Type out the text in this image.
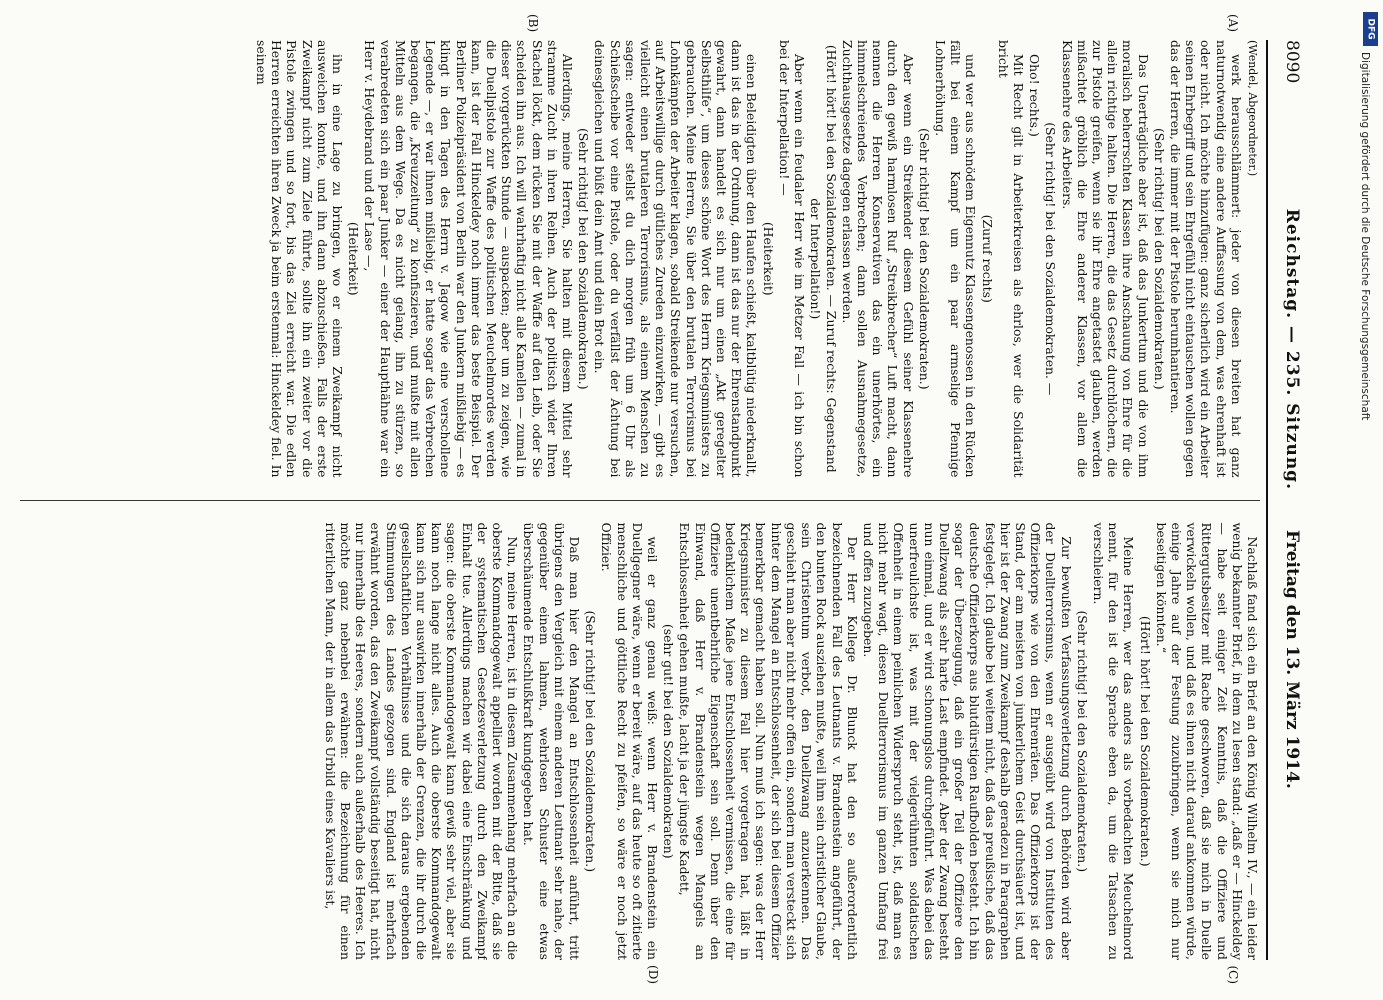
8090
Reichstag. — 235. Sitzung.
Freitag den 13. März 1914.
(A)
(B)

(Wendel, Abgeordneter.)

werk herausschlämmert: jeder von diesen breiten hat ganz naturnotwendig eine andere Auffassung von dem, was ehrenhaft ist oder nicht. Ich möchte hinzufügen: ganz sicherlich wird ein Arbeiter seinen Ehrbegriff und sein Ehrgefühl nicht eintauschen wollen gegen das der Herren, die immer mit der Pistole herumhantieren.

(Sehr richtig! bei den Sozialdemokraten.)

Das Unerträgliche aber ist, daß das Junkertum und die von ihm moralisch beherrschten Klassen ihre Anschauung von Ehre für die allein richtige halten. Die Herren, die das Gesetz durchlöchern, die zur Pistole greifen, wenn sie ihr Ehre angetastet glauben, werden mißachtet gröblich die Ehre anderer Klassen, vor allem die Klassenehre des Arbeiters.

(Sehr richtig! bei den Sozialdemokraten. —

Oho! rechts.)

Mit Recht gilt in Arbeiterkreisen als ehrlos, wer die Solidarität bricht

(Zuruf rechts)

und wer aus schnödem Eigennutz Klassengenossen in den Rücken fällt bei einem Kampf um ein paar armselige Pfennige Lohnerhöhung.

(Sehr richtig! bei den Sozialdemokraten.)

Aber wenn ein Streikender diesem Gefühl seiner Klassenehre durch den gewiß harmlosen Ruf „Streikbrecher“ Luft macht, dann nennen die Herren Konservativen das ein unerhörtes, ein himmelschreiendes Verbrechen; dann sollen Ausnahmegesetze, Zuchthausgesetze dagegen erlassen werden.

(Hört! hört! bei den Sozialdemokraten. — Zuruf rechts: Gegenstand der Interpellation!)

Aber wenn ein feudaler Herr wie im Metzer Fall — ich bin schon bei der Interpellation! —

(Heiterkeit)

einen Beleidigten über den Haufen schießt, kaltblütig niederknallt, dann ist das in der Ordnung, dann ist das nur der Ehrenstandpunkt gewahrt, dann handelt es sich nur um einen „Akt geregelter Selbsthilfe“, um dieses schöne Wort des Herrn Kriegsministers zu gebrauchen. Meine Herren, Sie über den brutalen Terrorismus bei Lohnkämpfen der Arbeiter klagen, sobald Streikende nur versuchen, auf Arbeitswillige durch gütliches Zureden einzuwirken, — gibt es vielleicht einen brutaleren Terrorismus, als einem Menschen zu sagen: entweder stellst du dich morgen früh um 6 Uhr als Schießscheibe vor eine Pistole, oder du verfällst der Ächtung bei deinesgleichen und büßt dein Amt und dein Brot ein.

(Sehr richtig! bei den Sozialdemokraten.)

Allerdings, meine Herren, Sie halten mit diesem Mittel sehr stramme Zucht in ihren Reihen. Auch der politisch wider Ihren Stachel löckt, dem rücken Sie mit der Waffe auf den Leib, oder Sie scheiden ihn aus. Ich will wahrhaftig nicht alle Kamellen — zumal in dieser vorgerückten Stunde — auspacken; aber um zu zeigen, wie die Duellpistole zur Waffe des politischen Meuchelmordes werden kann, ist der Fall Hinckeldey noch immer das beste Beispiel. Der Berliner Polizeipräsident von Berlin war den Junkern mißliebig — es klingt in den Tagen des Herrn v. Jagow wie eine verschollene Legende —, er war ihnen mißliebig, er hatte sogar das Verbrechen begangen, die „Kreuzzeitung“ zu konfiszieren, und mußte mit allen Mitteln aus dem Wege. Da es nicht gelang, ihn zu stürzen, so verabredeten sich ein paar Junker — einer der Haupthähne war ein Herr v. Heydebrand und der Lase —,

(Heiterkeit)

ihn in eine Lage zu bringen, wo er einem Zweikampf nicht ausweichen konnte, und ihn dann abzuschießen. Falls der erste Zweikampf nicht zum Ziele führte, sollte ihn ein zweiter vor die Pistole zwingen und so fort, bis das Ziel erreicht war. Die edlen Herren erreichten ihren Zweck ja beim erstenmal: Hinckeldey fiel. In seinem

Nachlaß fand sich ein Brief an den König Wilhelm IV., — ein leider wenig bekannter Brief, in dem zu lesen stand: „daß er — Hinckeldey — habe seit einiger Zeit Kenntnis, daß die Offiziere und Rittergutsbesitzer mit Rache geschworen, daß sie mich in Duelle verwickeln wollen, und daß es ihnen nicht darauf ankommen würde, einige Jahre auf der Festung zuzubringen, wenn sie mich nur beseitigen könnten.“

(Hört! hört! bei den Sozialdemokraten.)

Meine Herren, wer das anders als vorbedachten Meuchelmord nennt, für den ist die Sprache eben da, um die Tatsachen zu verschleiern.

(Sehr richtig! bei den Sozialdemokraten.)

Zur bewußten Verfassungsverletzung durch Behörden wird aber der Duellterrorismus, wenn er ausgeübt wird von Instituten des Offizierkorps wie von den Ehrenräten. Das Offizierkorps ist der Stand, der am meisten von junkerlichem Geist durchsäuert ist, und hier ist der Zwang zum Zweikampf deshalb geradezu in Paragraphen festgelegt. Ich glaube bei weitem nicht, daß das preußische, daß das deutsche Offizierkorps aus blutdürstigen Raufbolden besteht. Ich bin sogar der Überzeugung, daß ein großer Teil der Offiziere den Duellzwang als sehr harte Last empfindet. Aber der Zwang besteht nun einmal, und er wird schonungslos durchgeführt. Was dabei das unerfreulichste ist, was mit der vielgerühmten soldatischen Offenheit in einem peinlichen Widerspruch steht, ist, daß man es nicht mehr wagt, diesen Duellterrorismus im ganzen Umfang frei und offen zuzugeben.

Der Herr Kollege Dr. Blunck hat den so außerordentlich bezeichnenden Fall des Leutnants v. Brandenstein angeführt, der den bunten Rock ausziehen mußte, weil ihm sein christlicher Glaube, sein Christentum verbot, den Duellzwang anzuerkennen. Das geschieht man aber nicht mehr offen ein, sondern man versteckt sich hinter dem Mangel an Entschlossenheit, der sich bei diesem Offizier bemerkbar gemacht haben soll. Nun muß ich sagen: was der Herr Kriegsminister zu diesem Fall hier vorgetragen hat, läßt in bedenklichem Maße jene Entschlossenheit vermissen, die eine für Offiziere unentbehrliche Eigenschaft sein soll. Denn über den Einwand, daß Herr v. Brandenstein wegen Mangels an Entschlossenheit gehen mußte, lacht ja der jüngste Kadett,

(sehr gut! bei den Sozialdemokraten)

weil er ganz genau weiß: wenn Herr v. Brandenstein ein Duellgegner wäre, wenn er bereit wäre, auf das heute so oft zitierte menschliche und göttliche Recht zu pfeifen, so wäre er noch jetzt Offizier.

(Sehr richtig! bei den Sozialdemokraten.)

Daß man hier den Mangel an Entschlossenheit anführt, tritt übrigens den Vergleich mit einem anderen Leutnant sehr nahe, der gegenüber einem lahmen, wehrlosen Schuster eine etwas überschäumende Entschlußkraft kundgegeben hat.

Nun, meine Herren, ist in diesem Zusammenhang mehrfach an die oberste Kommandogewalt appelliert worden mit der Bitte, daß sie der systematischen Gesetzesverletzung durch den Zweikampf Einhalt tue. Allerdings machen wir dabei eine Einschränkung und sagen: die oberste Kommandogewalt kann gewiß sehr viel, aber sie kann noch lange nicht alles. Auch die oberste Kommandogewalt kann sich nur auswirken innerhalb der Grenzen, die ihr durch die gesellschaftlichen Verhältnisse und die sich daraus ergebenden Stimmungen des Landes gezogen sind. England ist mehrfach erwähnt worden, das den Zweikampf vollständig beseitigt hat, nicht nur innerhalb des Heeres, sondern auch außerhalb des Heeres. Ich möchte ganz nebenbei erwähnen: die Bezeichnung für einen ritterlichen Mann, der in allem das Urbild eines Kavaliers ist,

(C)
(D)
DFG
Digitalisierung gefördert durch die Deutsche Forschungsgemeinschaft
